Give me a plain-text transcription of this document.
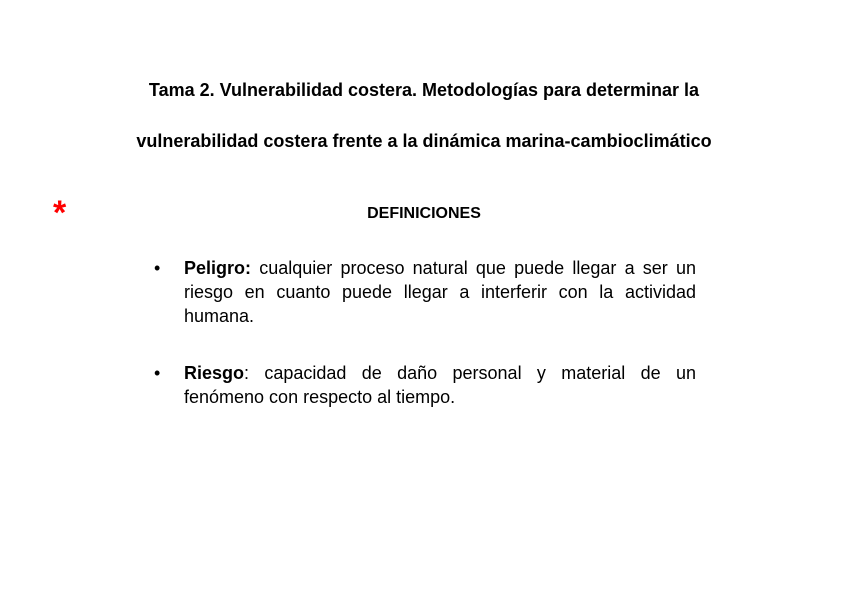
Tama 2. Vulnerabilidad costera. Metodologías para determinar la
vulnerabilidad costera frente a la dinámica marina-cambioclimático
*	DEFINICIONES
• Peligro: cualquier proceso natural que puede llegar a ser un riesgo en cuanto puede llegar a interferir con la actividad humana.
• Riesgo: capacidad de daño personal y material de un fenómeno con respecto al tiempo.
